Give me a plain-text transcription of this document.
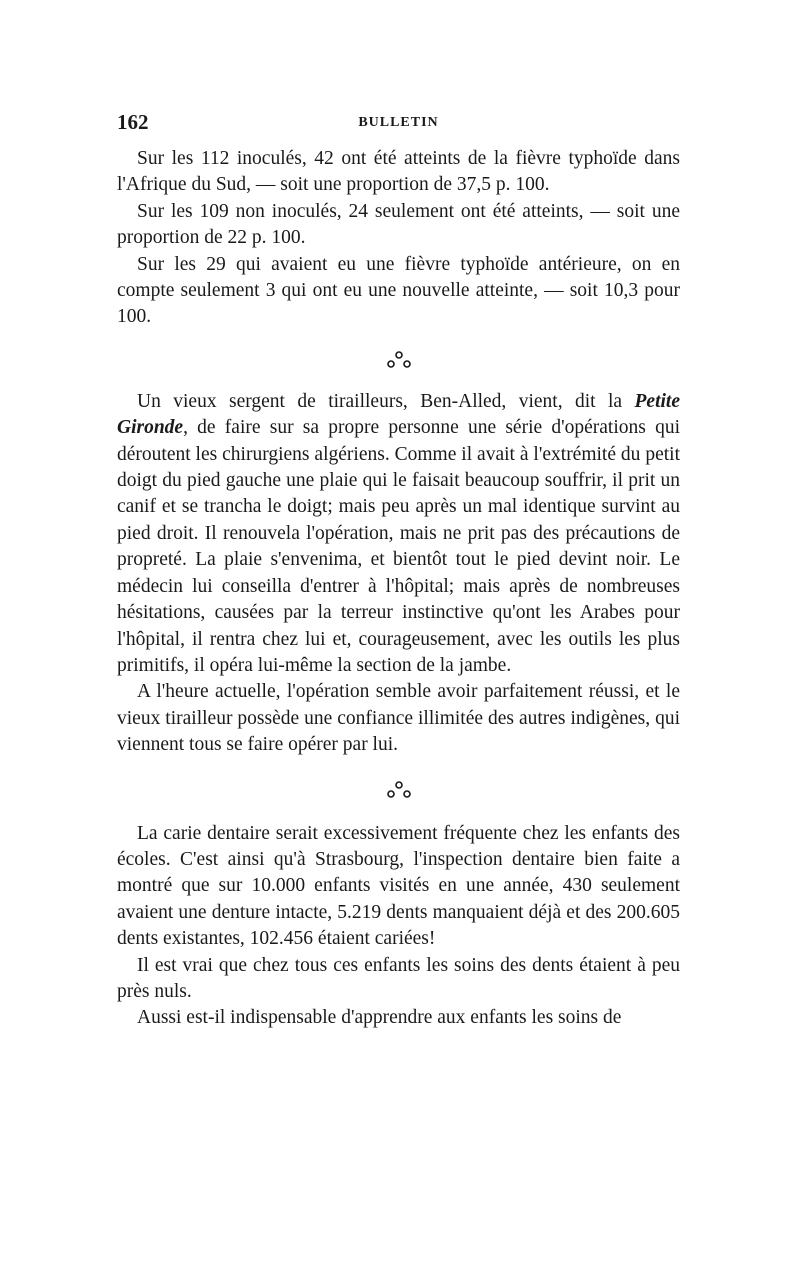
162	BULLETIN

Sur les 112 inoculés, 42 ont été atteints de la fièvre typhoïde dans l'Afrique du Sud, — soit une proportion de 37,5 p. 100.

Sur les 109 non inoculés, 24 seulement ont été atteints, — soit une proportion de 22 p. 100.

Sur les 29 qui avaient eu une fièvre typhoïde antérieure, on en compte seulement 3 qui ont eu une nouvelle atteinte, — soit 10,3 pour 100.

Un vieux sergent de tirailleurs, Ben-Alled, vient, dit la Petite Gironde, de faire sur sa propre personne une série d'opérations qui déroutent les chirurgiens algériens. Comme il avait à l'extrémité du petit doigt du pied gauche une plaie qui le faisait beaucoup souffrir, il prit un canif et se trancha le doigt; mais peu après un mal identique survint au pied droit. Il renouvela l'opération, mais ne prit pas des précautions de propreté. La plaie s'envenima, et bientôt tout le pied devint noir. Le médecin lui conseilla d'entrer à l'hôpital; mais après de nombreuses hésitations, causées par la terreur instinctive qu'ont les Arabes pour l'hôpital, il rentra chez lui et, courageusement, avec les outils les plus primitifs, il opéra lui-même la section de la jambe.

A l'heure actuelle, l'opération semble avoir parfaitement réussi, et le vieux tirailleur possède une confiance illimitée des autres indigènes, qui viennent tous se faire opérer par lui.

La carie dentaire serait excessivement fréquente chez les enfants des écoles. C'est ainsi qu'à Strasbourg, l'inspection dentaire bien faite a montré que sur 10.000 enfants visités en une année, 430 seulement avaient une denture intacte, 5.219 dents manquaient déjà et des 200.605 dents existantes, 102.456 étaient cariées!

Il est vrai que chez tous ces enfants les soins des dents étaient à peu près nuls.

Aussi est-il indispensable d'apprendre aux enfants les soins de
